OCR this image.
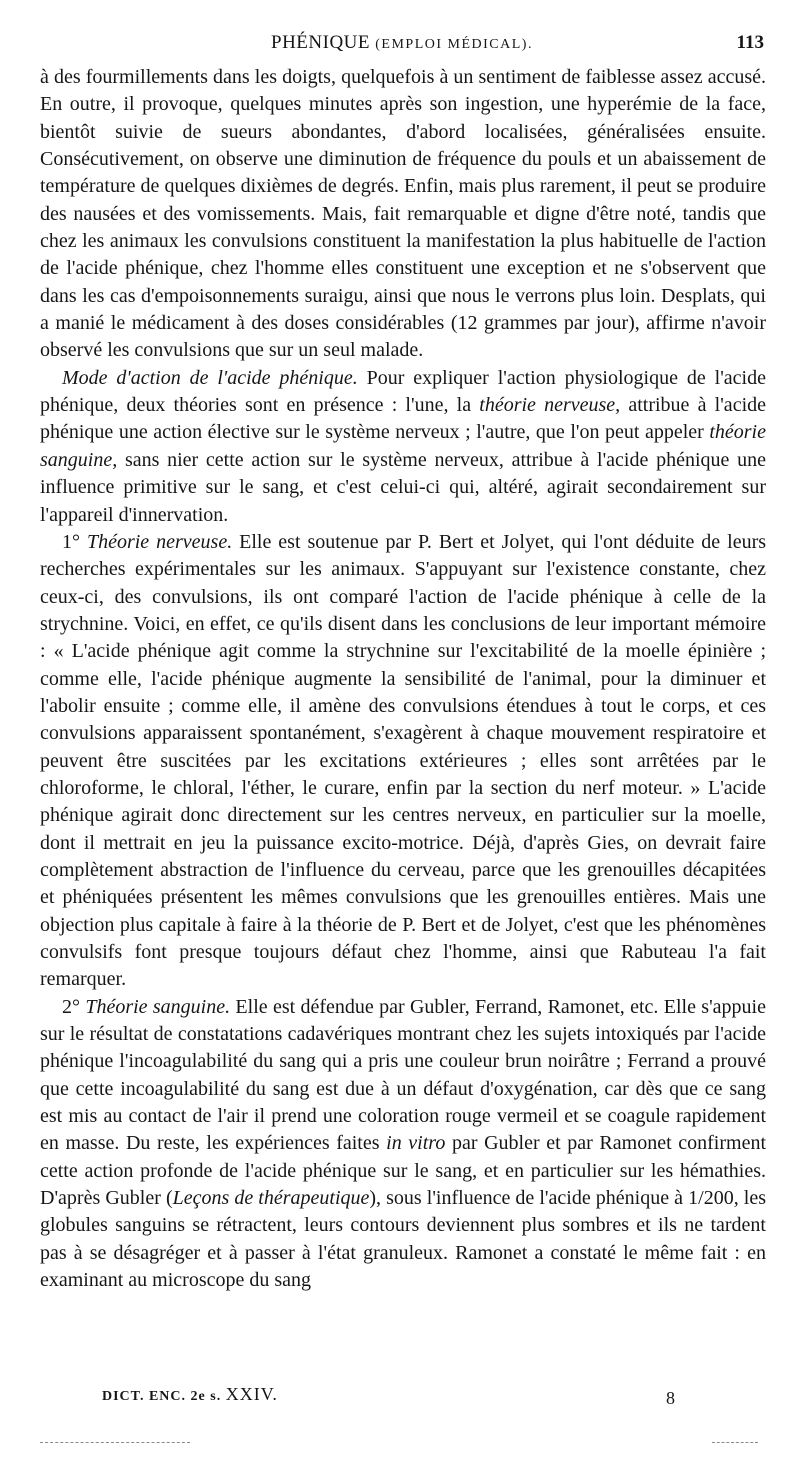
PHÉNIQUE (EMPLOI MÉDICAL).	113

à des fourmillements dans les doigts, quelquefois à un sentiment de faiblesse assez accusé. En outre, il provoque, quelques minutes après son ingestion, une hyperémie de la face, bientôt suivie de sueurs abondantes, d'abord localisées, généralisées ensuite. Consécutivement, on observe une diminution de fréquence du pouls et un abaissement de température de quelques dixièmes de degrés. Enfin, mais plus rarement, il peut se produire des nausées et des vomissements. Mais, fait remarquable et digne d'être noté, tandis que chez les animaux les convulsions constituent la manifestation la plus habituelle de l'action de l'acide phénique, chez l'homme elles constituent une exception et ne s'observent que dans les cas d'empoisonnements suraigu, ainsi que nous le verrons plus loin. Desplats, qui a manié le médicament à des doses considérables (12 grammes par jour), affirme n'avoir observé les convulsions que sur un seul malade.

Mode d'action de l'acide phénique. Pour expliquer l'action physiologique de l'acide phénique, deux théories sont en présence : l'une, la théorie nerveuse, attribue à l'acide phénique une action élective sur le système nerveux ; l'autre, que l'on peut appeler théorie sanguine, sans nier cette action sur le système nerveux, attribue à l'acide phénique une influence primitive sur le sang, et c'est celui-ci qui, altéré, agirait secondairement sur l'appareil d'innervation.

1° Théorie nerveuse. Elle est soutenue par P. Bert et Jolyet, qui l'ont déduite de leurs recherches expérimentales sur les animaux. S'appuyant sur l'existence constante, chez ceux-ci, des convulsions, ils ont comparé l'action de l'acide phénique à celle de la strychnine. Voici, en effet, ce qu'ils disent dans les conclusions de leur important mémoire : « L'acide phénique agit comme la strychnine sur l'excitabilité de la moelle épinière ; comme elle, l'acide phénique augmente la sensibilité de l'animal, pour la diminuer et l'abolir ensuite ; comme elle, il amène des convulsions étendues à tout le corps, et ces convulsions apparaissent spontanément, s'exagèrent à chaque mouvement respiratoire et peuvent être suscitées par les excitations extérieures ; elles sont arrêtées par le chloroforme, le chloral, l'éther, le curare, enfin par la section du nerf moteur. » L'acide phénique agirait donc directement sur les centres nerveux, en particulier sur la moelle, dont il mettrait en jeu la puissance excito-motrice. Déjà, d'après Gies, on devrait faire complètement abstraction de l'influence du cerveau, parce que les grenouilles décapitées et phéniquées présentent les mêmes convulsions que les grenouilles entières. Mais une objection plus capitale à faire à la théorie de P. Bert et de Jolyet, c'est que les phénomènes convulsifs font presque toujours défaut chez l'homme, ainsi que Rabuteau l'a fait remarquer.

2° Théorie sanguine. Elle est défendue par Gubler, Ferrand, Ramonet, etc. Elle s'appuie sur le résultat de constatations cadavériques montrant chez les sujets intoxiqués par l'acide phénique l'incoagulabilité du sang qui a pris une couleur brun noirâtre ; Ferrand a prouvé que cette incoagulabilité du sang est due à un défaut d'oxygénation, car dès que ce sang est mis au contact de l'air il prend une coloration rouge vermeil et se coagule rapidement en masse. Du reste, les expériences faites in vitro par Gubler et par Ramonet confirment cette action profonde de l'acide phénique sur le sang, et en particulier sur les hémathies. D'après Gubler (Leçons de thérapeutique), sous l'influence de l'acide phénique à 1/200, les globules sanguins se rétractent, leurs contours deviennent plus sombres et ils ne tardent pas à se désagréger et à passer à l'état granuleux. Ramonet a constaté le même fait : en examinant au microscope du sang

DICT. ENC. 2e s. XXIV.	8
